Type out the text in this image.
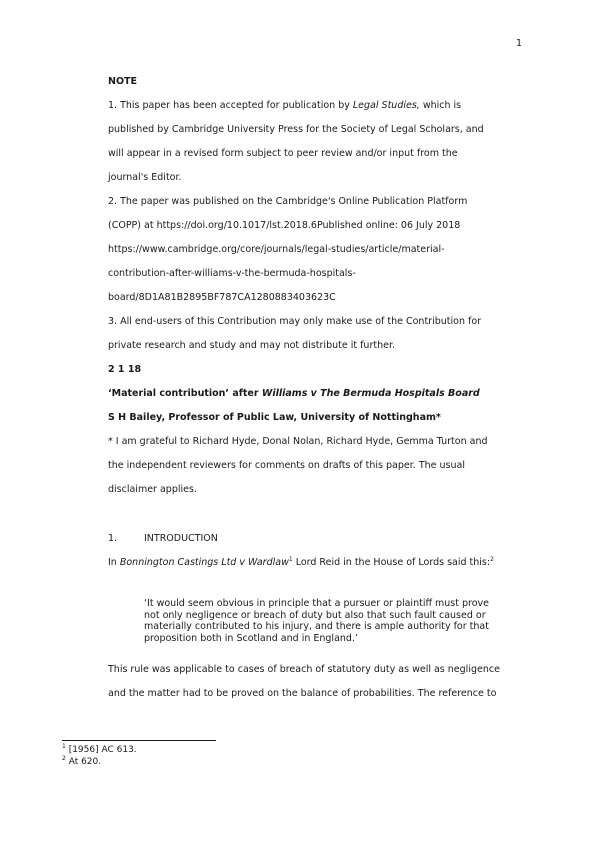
1
NOTE
1. This paper has been accepted for publication by Legal Studies, which is
published by Cambridge University Press for the Society of Legal Scholars, and
will appear in a revised form subject to peer review and/or input from the
journal's Editor.
2. The paper was published on the Cambridge's Online Publication Platform
(COPP) at https://doi.org/10.1017/lst.2018.6Published online: 06 July 2018
https://www.cambridge.org/core/journals/legal-studies/article/material-
contribution-after-williams-v-the-bermuda-hospitals-
board/8D1A81B2895BF787CA1280883403623C
3. All end-users of this Contribution may only make use of the Contribution for
private research and study and may not distribute it further.
2 1 18
‘Material contribution’ after Williams v The Bermuda Hospitals Board
S H Bailey, Professor of Public Law, University of Nottingham*
* I am grateful to Richard Hyde, Donal Nolan, Richard Hyde, Gemma Turton and
the independent reviewers for comments on drafts of this paper. The usual
disclaimer applies.
1.	INTRODUCTION
In Bonnington Castings Ltd v Wardlaw$^1$ Lord Reid in the House of Lords said this:$^2$
‘It would seem obvious in principle that a pursuer or plaintiff must prove
not only negligence or breach of duty but also that such fault caused or
materially contributed to his injury, and there is ample authority for that
proposition both in Scotland and in England.’
This rule was applicable to cases of breach of statutory duty as well as negligence
and the matter had to be proved on the balance of probabilities. The reference to
$^1$ [1956] AC 613.
$^2$ At 620.
